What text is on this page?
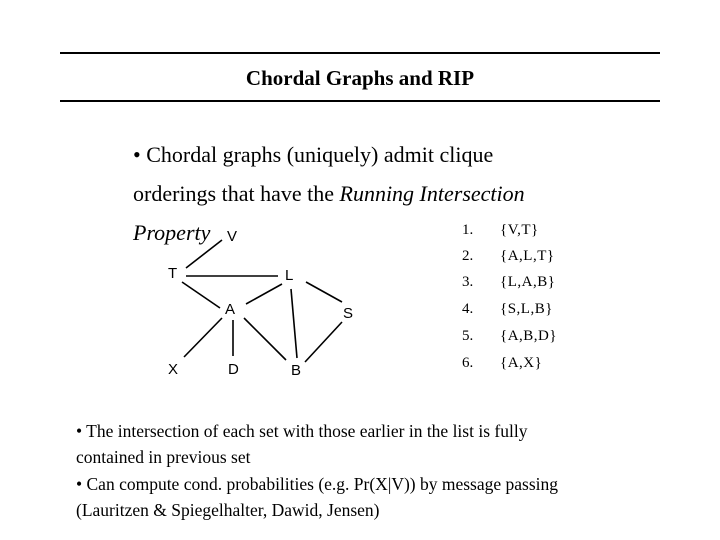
Chordal Graphs and RIP
• Chordal graphs (uniquely) admit clique
orderings that have the Running Intersection
Property V
T	L
A	S
X	D	B
1. {V,T}
2. {A,L,T}
3. {L,A,B}
4. {S,L,B}
5. {A,B,D}
6. {A,X}
• The intersection of each set with those earlier in the list is fully
contained in previous set
• Can compute cond. probabilities (e.g. Pr(X|V)) by message passing
(Lauritzen & Spiegelhalter, Dawid, Jensen)
